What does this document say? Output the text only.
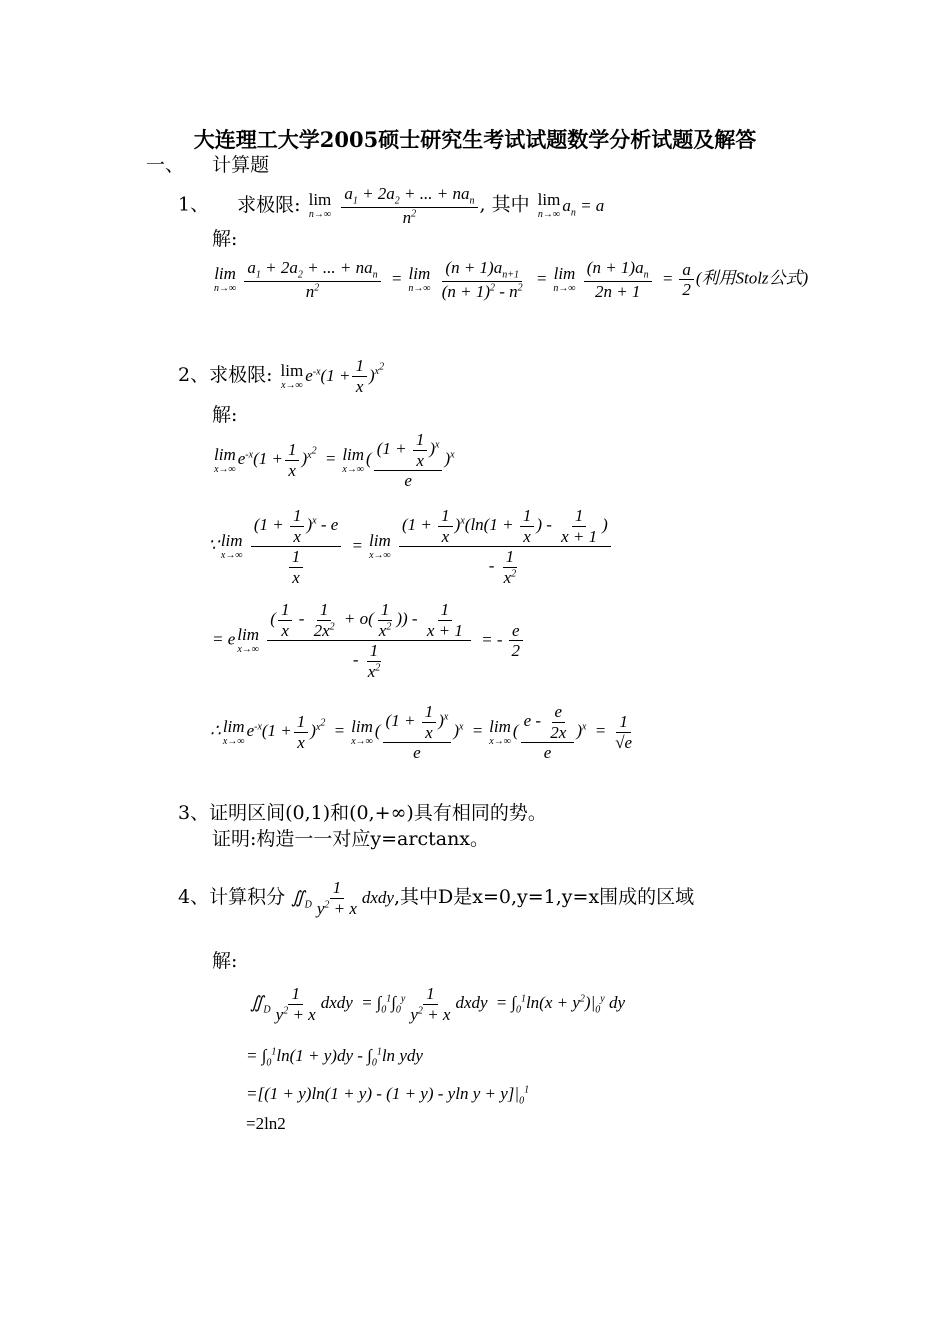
大连理工大学2005硕士研究生考试试题数学分析试题及解答
一、 计算题
1、 求极限: lim
n→∞
$\frac{a_1 + 2a_2 + ... + na_n}{n^2}$ , 其中 lim
n→∞ $a_n = a$
解:
lim
n→∞
$\frac{a_1 + 2a_2 + ... + na_n}{n^2} = \lim$
n→∞
$\frac{(n + 1)a_{n+1}}{(n + 1)^2 - n^2} = \lim$
n→∞
$\frac{(n + 1)a_n}{2n + 1} = \frac{a}{2}$ (利用Stolz公式)
2、求极限: lim
x→∞ $e^{-x}(1 + \frac{1}{x} )^{x^2}$
解:
lim
x→∞
$e^{-x}(1 + \frac{1}{x} )^{x^2} = \lim$
x→∞
( $\frac{(1 + \frac{1}{x} )^x}{e} )^x$
∵ lim
x→∞
$\frac{(1 + \frac{1}{x} )^x - e}{\frac{1}{x}} = \lim$
x→∞
$\frac{(1 + \frac{1}{x} )^x(\ln(1 + \frac{1}{x} ) - \frac{1}{x + 1} )}{- \frac{1}{x^2}}$
= e lim
x→∞
$\frac{( \frac{1}{x} - \frac{1}{2x^2} + o( \frac{1}{x^2} )) - \frac{1}{x + 1}}{- \frac{1}{x^2}}$ = - $\frac{e}{2}$
∴ lim
x→∞
$e^{-x}(1 + \frac{1}{x} )^{x^2} = \lim$
x→∞
( $\frac{(1 + \frac{1}{x} )^x}{e} )^x = \lim$
x→∞
( $\frac{e - \frac{e}{2x}}{e} )^x = \frac{1}{√e}$
3、证明区间(0,1)和(0,+∞)具有相同的势。
证明:构造一一对应y=arctanx。
4、计算积分 $∬_D \frac{1}{y^2 + x}$ dxdy,其中D是x=0,y=1,y=x围成的区域
解:
$∬_D \frac{1}{y^2 + x}$ dxdy = $\int_0^1\int_0^y \frac{1}{y^2 + x}$ dxdy = $\int_0^1\ln(x + y^2)|_0^y$ dy
= $\int_0^1\ln(1 + y)dy - \int_0^1\ln$ ydy
=[(1 + y)ln(1 + y) - (1 + y) - yln $y + y]|_0^1$
=2ln2
